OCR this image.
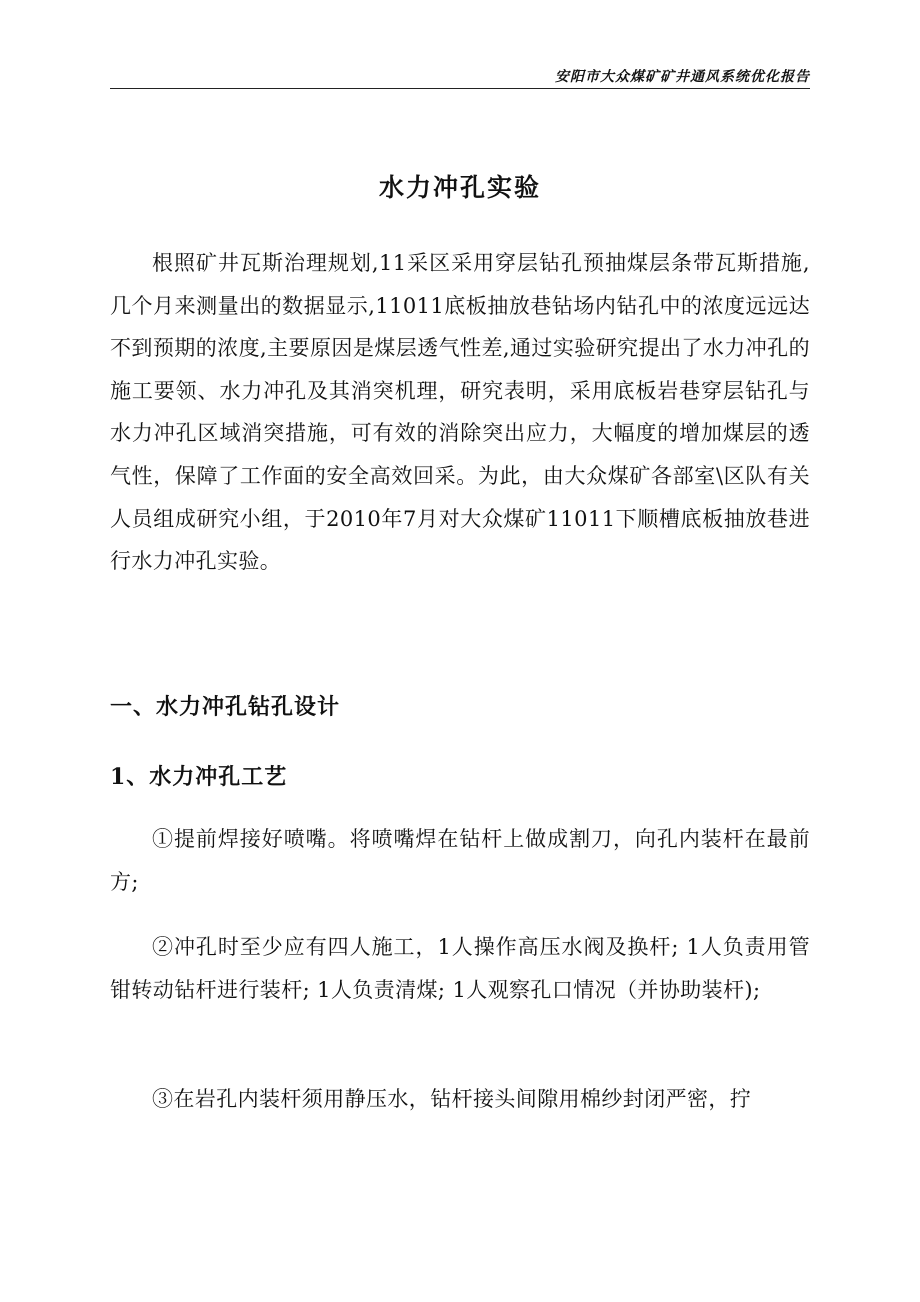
安阳市大众煤矿矿井通风系统优化报告
水力冲孔实验

根照矿井瓦斯治理规划,11采区采用穿层钻孔预抽煤层条带瓦斯措施,几个月来测量出的数据显示,11011底板抽放巷钻场内钻孔中的浓度远远达不到预期的浓度,主要原因是煤层透气性差,通过实验研究提出了水力冲孔的施工要领、水力冲孔及其消突机理，研究表明，采用底板岩巷穿层钻孔与水力冲孔区域消突措施，可有效的消除突出应力，大幅度的增加煤层的透气性，保障了工作面的安全高效回采。为此，由大众煤矿各部室\区队有关人员组成研究小组，于2010年7月对大众煤矿11011下顺槽底板抽放巷进行水力冲孔实验。

一、水力冲孔钻孔设计
1、水力冲孔工艺

①提前焊接好喷嘴。将喷嘴焊在钻杆上做成割刀，向孔内装杆在最前方;

②冲孔时至少应有四人施工，1人操作高压水阀及换杆; 1人负责用管钳转动钻杆进行装杆; 1人负责清煤; 1人观察孔口情况（并协助装杆);

③在岩孔内装杆须用静压水，钻杆接头间隙用棉纱封闭严密，拧
